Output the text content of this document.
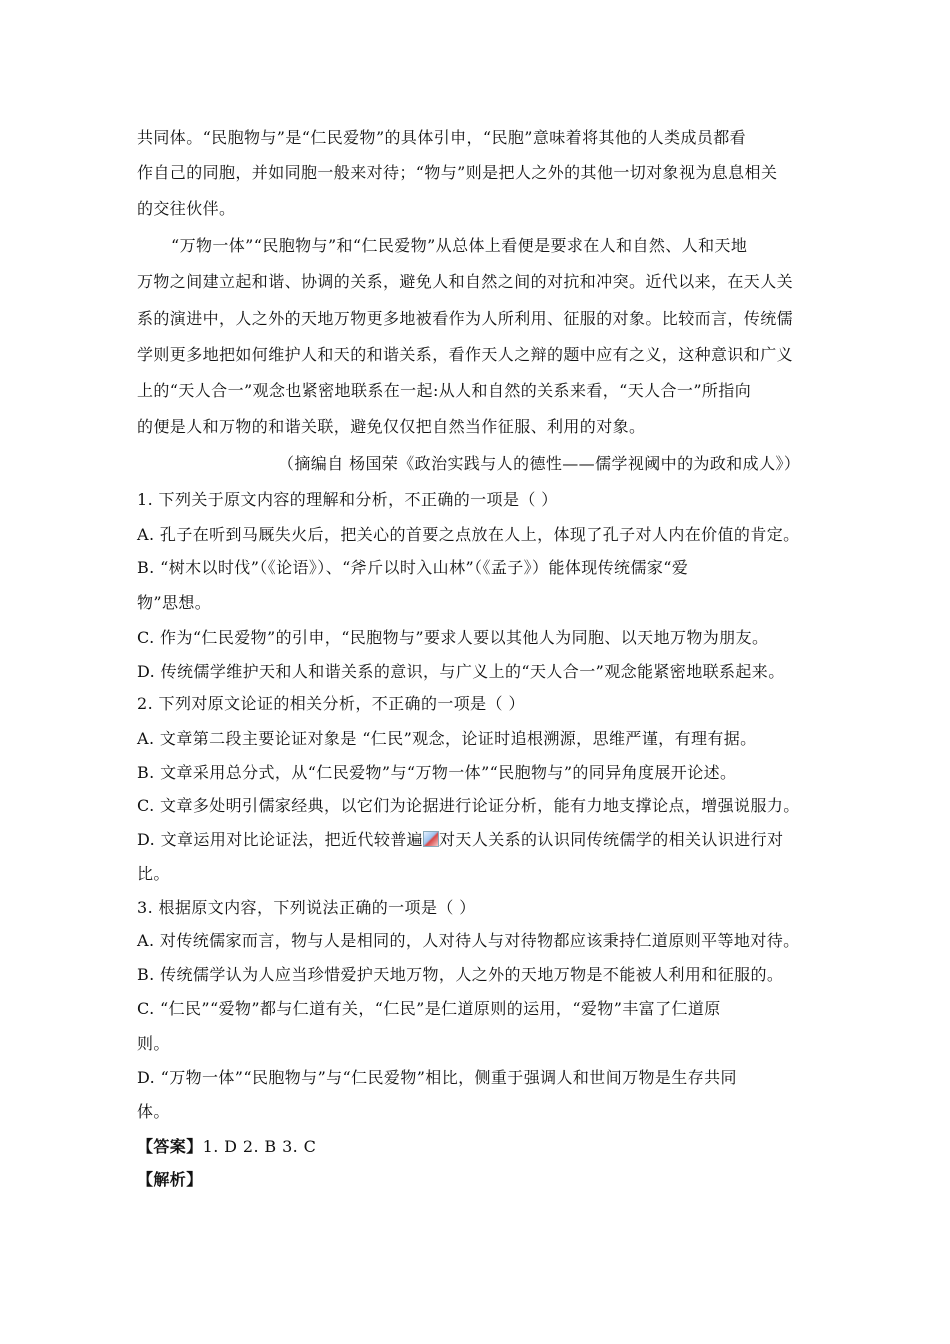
共同体。“民胞物与”是“仁民爱物”的具体引申，“民胞”意味着将其他的人类成员都看
作自己的同胞，并如同胞一般来对待；“物与”则是把人之外的其他一切对象视为息息相关
的交往伙伴。
“万物一体”“民胞物与”和“仁民爱物”从总体上看便是要求在人和自然、人和天地
万物之间建立起和谐、协调的关系，避免人和自然之间的对抗和冲突。近代以来，在天人关
系的演进中，人之外的天地万物更多地被看作为人所利用、征服的对象。比较而言，传统儒
学则更多地把如何维护人和天的和谐关系，看作天人之辩的题中应有之义，这种意识和广义
上的“天人合一”观念也紧密地联系在一起:从人和自然的关系来看，“天人合一”所指向
的便是人和万物的和谐关联，避免仅仅把自然当作征服、利用的对象。
（摘编自 杨国荣《政治实践与人的德性——儒学视阈中的为政和成人》）
1. 下列关于原文内容的理解和分析，不正确的一项是（ ）
A. 孔子在听到马厩失火后，把关心的首要之点放在人上，体现了孔子对人内在价值的肯定。
B. “树木以时伐”（《论语》）、“斧斤以时入山林”（《孟子》）能体现传统儒家“爱
物”思想。
C. 作为“仁民爱物”的引申，“民胞物与”要求人要以其他人为同胞、以天地万物为朋友。
D. 传统儒学维护天和人和谐关系的意识，与广义上的“天人合一”观念能紧密地联系起来。
2. 下列对原文论证的相关分析，不正确的一项是（ ）
A. 文章第二段主要论证对象是 “仁民”观念，论证时追根溯源，思维严谨，有理有据。
B. 文章采用总分式，从“仁民爱物”与“万物一体”“民胞物与”的同异角度展开论述。
C. 文章多处明引儒家经典，以它们为论据进行论证分析，能有力地支撑论点，增强说服力。
D. 文章运用对比论证法，把近代较普遍 对天人关系的认识同传统儒学的相关认识进行对
比。
3. 根据原文内容，下列说法正确的一项是（ ）
A. 对传统儒家而言，物与人是相同的，人对待人与对待物都应该秉持仁道原则平等地对待。
B. 传统儒学认为人应当珍惜爱护天地万物，人之外的天地万物是不能被人利用和征服的。
C. “仁民”“爱物”都与仁道有关，“仁民”是仁道原则的运用，“爱物”丰富了仁道原
则。
D. “万物一体”“民胞物与”与“仁民爱物”相比，侧重于强调人和世间万物是生存共同
体。
【答案】1. D 2. B 3. C
【解析】
